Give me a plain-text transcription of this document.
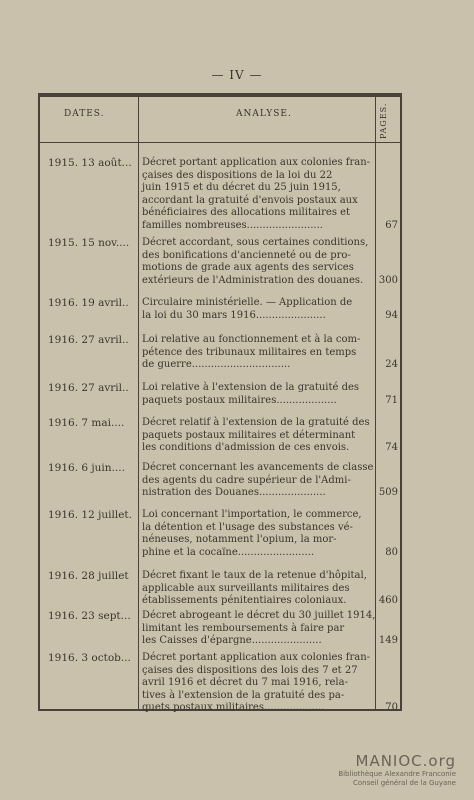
— IV —
DATES.	ANALYSE.	PAGES.
1915. 13 août... Décret portant application aux colonies fran-
çaises des dispositions de la loi du 22
juin 1915 et du décret du 25 juin 1915,
accordant la gratuité d'envois postaux aux
bénéficiaires des allocations militaires et
familles nombreuses........................	67
1915. 15 nov.... Décret accordant, sous certaines conditions,
des bonifications d'ancienneté ou de pro-
motions de grade aux agents des services
extérieurs de l'Administration des douanes.	300
1916. 19 avril.. Circulaire ministérielle. — Application de
la loi du 30 mars 1916......................	94
1916. 27 avril.. Loi relative au fonctionnement et à la com-
pétence des tribunaux militaires en temps
de guerre...............................	24
1916. 27 avril.. Loi relative à l'extension de la gratuité des
paquets postaux militaires...................	71
1916. 7 mai.... Décret relatif à l'extension de la gratuité des
paquets postaux militaires et déterminant
les conditions d'admission de ces envois.	74
1916. 6 juin.... Décret concernant les avancements de classe
des agents du cadre supérieur de l'Admi-
nistration des Douanes.....................	509
1916. 12 juillet. Loi concernant l'importation, le commerce,
la détention et l'usage des substances vé-
néneuses, notamment l'opium, la mor-
phine et la cocaïne........................	80
1916. 28 juillet Décret fixant le taux de la retenue d'hôpital,
applicable aux surveillants militaires des
établissements pénitentiaires coloniaux.	460
1916. 23 sept... Décret abrogeant le décret du 30 juillet 1914,
limitant les remboursements à faire par
les Caisses d'épargne......................	149
1916. 3 octob... Décret portant application aux colonies fran-
çaises des dispositions des lois des 7 et 27
avril 1916 et décret du 7 mai 1916, rela-
tives à l'extension de la gratuité des pa-
quets postaux militaires...................	70
MANIOC.org
Bibliothèque Alexandre Franconie
Conseil général de la Guyane
